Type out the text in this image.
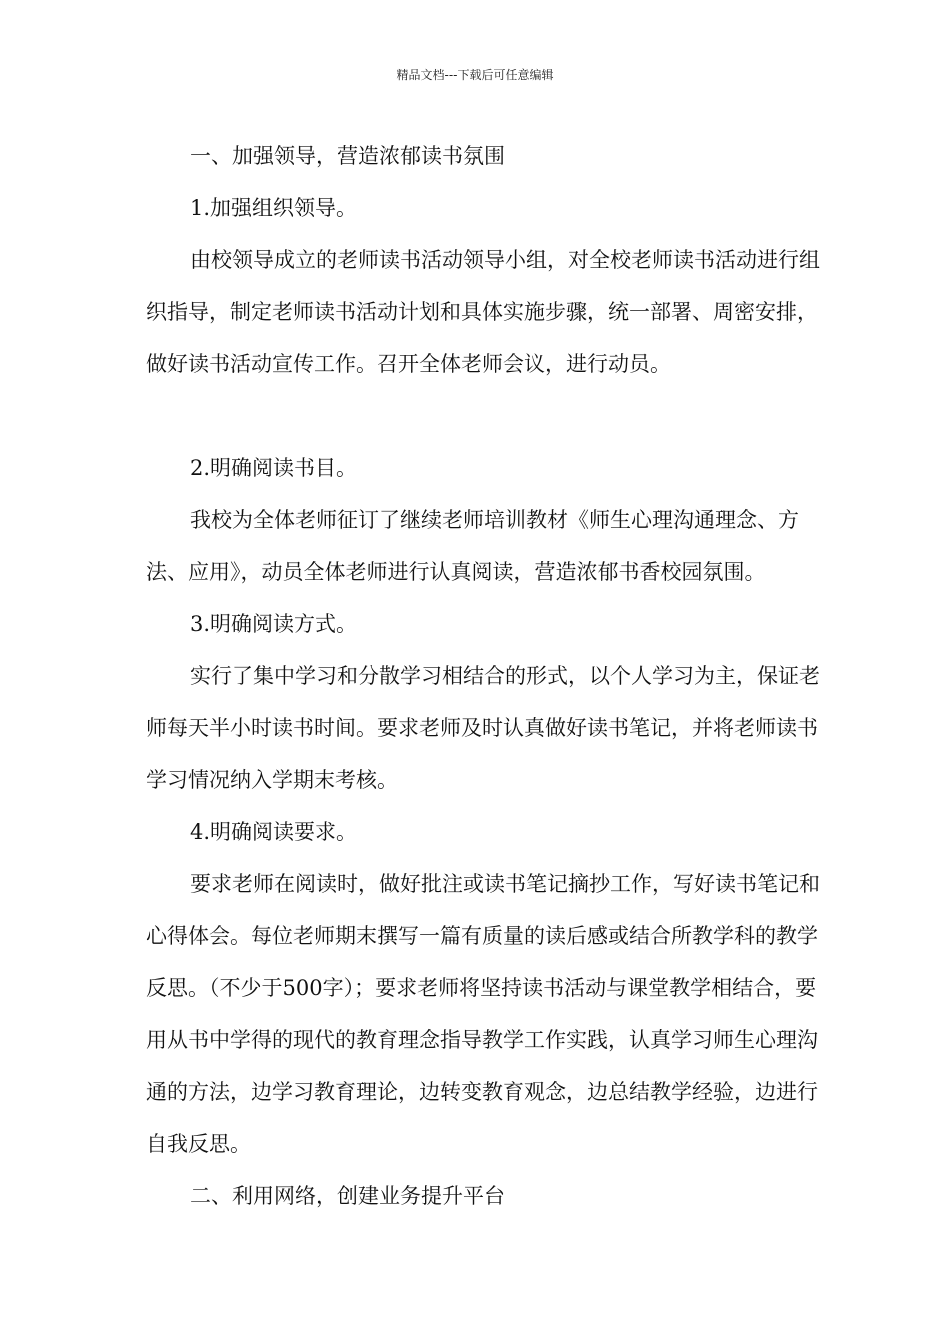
精品文档---下载后可任意编辑

一、加强领导，营造浓郁读书氛围

1.加强组织领导。

由校领导成立的老师读书活动领导小组，对全校老师读书活动进行组织指导，制定老师读书活动计划和具体实施步骤，统一部署、周密安排，做好读书活动宣传工作。召开全体老师会议，进行动员。

2.明确阅读书目。

我校为全体老师征订了继续老师培训教材《师生心理沟通理念、方法、应用》，动员全体老师进行认真阅读，营造浓郁书香校园氛围。

3.明确阅读方式。

实行了集中学习和分散学习相结合的形式，以个人学习为主，保证老师每天半小时读书时间。要求老师及时认真做好读书笔记，并将老师读书学习情况纳入学期末考核。

4.明确阅读要求。

要求老师在阅读时，做好批注或读书笔记摘抄工作，写好读书笔记和心得体会。每位老师期末撰写一篇有质量的读后感或结合所教学科的教学反思。（不少于500字）；要求老师将坚持读书活动与课堂教学相结合，要用从书中学得的现代的教育理念指导教学工作实践，认真学习师生心理沟通的方法，边学习教育理论，边转变教育观念，边总结教学经验，边进行自我反思。

二、利用网络，创建业务提升平台
